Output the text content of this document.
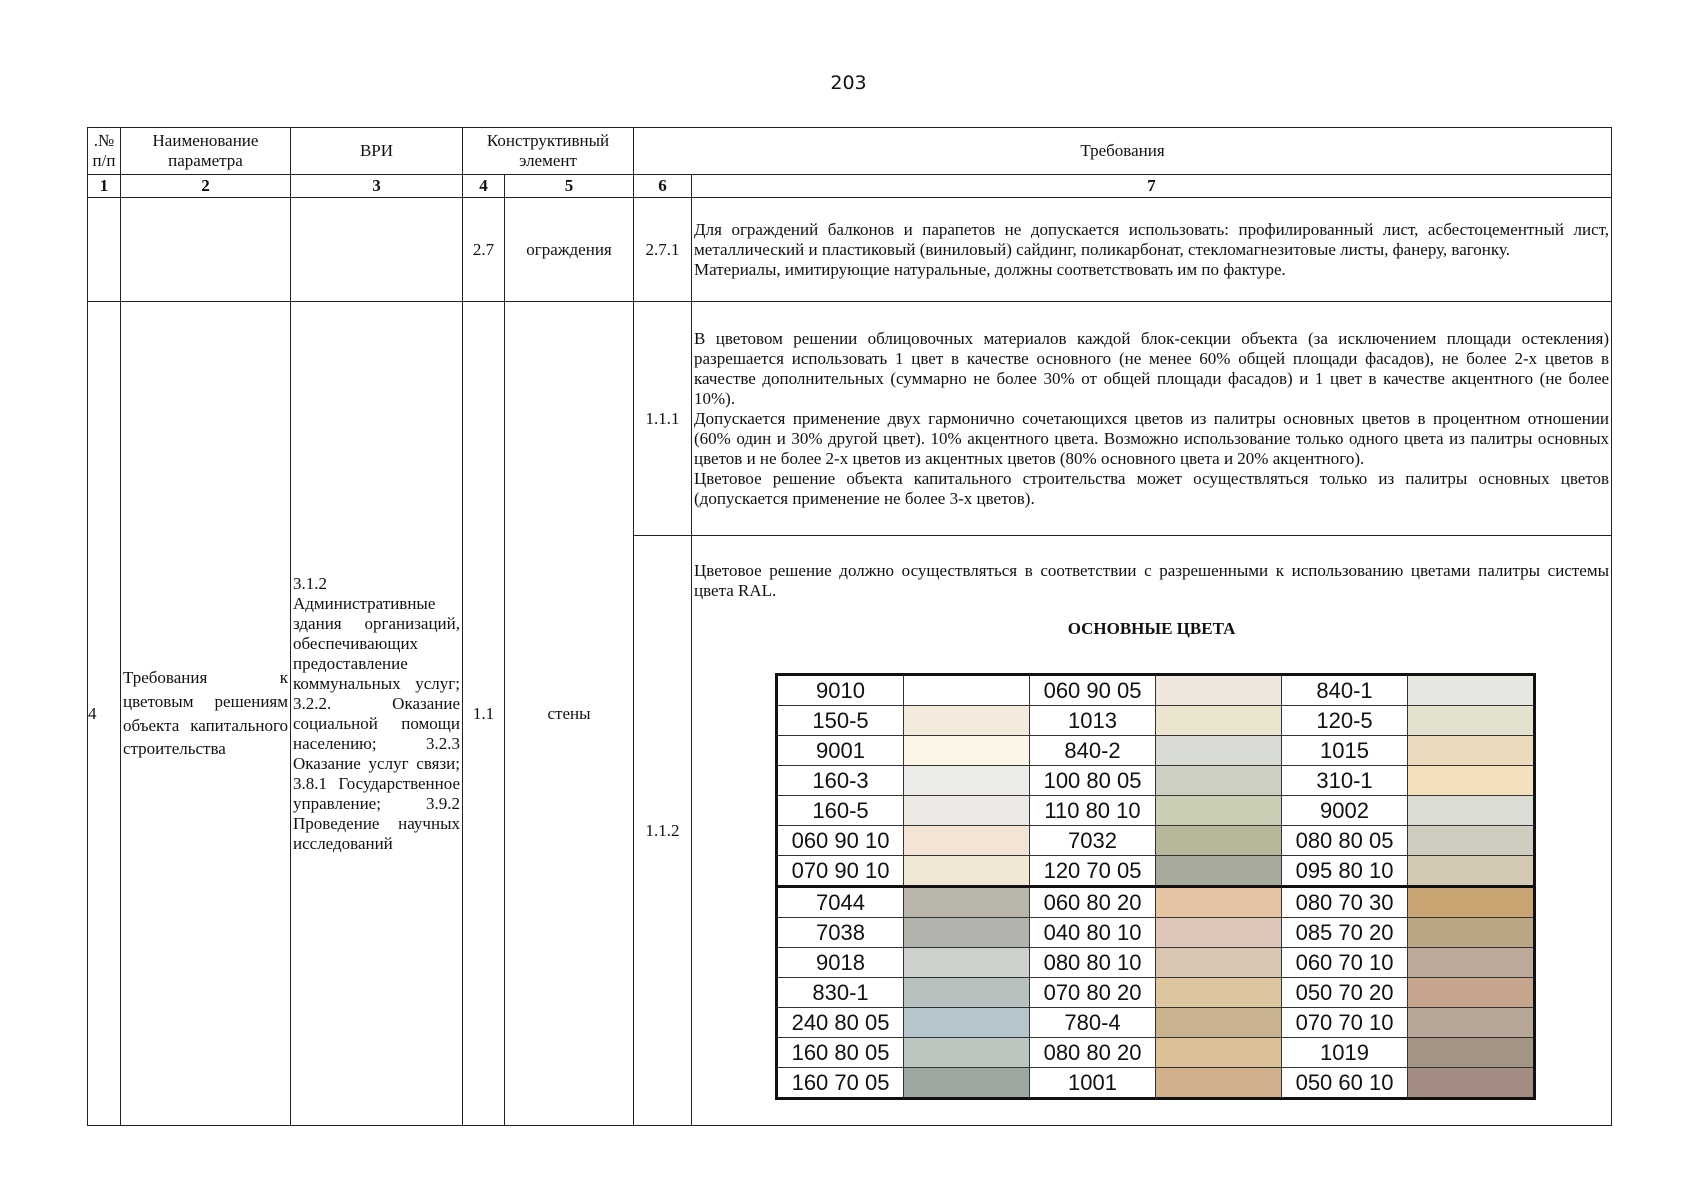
203
.№ п/п	Наименование параметра	ВРИ	Конструктивный элемент	Требования
1	2	3	4	5	6	7
			2.7	ограждения	2.7.1	
Для ограждений балконов и парапетов не допускается использовать: профилированный лист, асбестоцементный лист, металлический и пластиковый (виниловый) сайдинг, поликарбонат, стекломагнезитовые листы, фанеру, вагонку.
Материалы, имитирующие натуральные, должны соответствовать им по фактуре.

4	Требования к цветовым решениям объекта капитального строительства	3.1.2 Административные здания организаций, обеспечивающих предоставление коммунальных услуг; 3.2.2. Оказание социальной помощи населению; 3.2.3 Оказание услуг связи; 3.8.1 Государственное управление; 3.9.2 Проведение научных исследований	1.1	стены	1.1.1	
В цветовом решении облицовочных материалов каждой блок-секции объекта (за исключением площади остекления) разрешается использовать 1 цвет в качестве основного (не менее 60% общей площади фасадов), не более 2-х цветов в качестве дополнительных (суммарно не более 30% от общей площади фасадов) и 1 цвет в качестве акцентного (не более 10%).
Допускается применение двух гармонично сочетающихся цветов из палитры основных цветов в процентном отношении (60% один и 30% другой цвет). 10% акцентного цвета. Возможно использование только одного цвета из палитры основных цветов и не более 2-х цветов из акцентных цветов (80% основного цвета и 20% акцентного).
Цветовое решение объекта капитального строительства может осуществляться только из палитры основных цветов (допускается применение не более 3-х цветов).

1.1.2	
Цветовое решение должно осуществляться в соответствии с разрешенными к использованию цветами палитры системы цвета RAL.
ОСНОВНЫЕ ЦВЕТА
9010		060 90 05		840-1	
150-5		1013		120-5	
9001		840-2		1015	
160-3		100 80 05		310-1	
160-5		110 80 10		9002	
060 90 10		7032		080 80 05	
070 90 10		120 70 05		095 80 10	
7044		060 80 20		080 70 30	
7038		040 80 10		085 70 20	
9018		080 80 10		060 70 10	
830-1		070 80 20		050 70 20	
240 80 05		780-4		070 70 10	
160 80 05		080 80 20		1019	
160 70 05		1001		050 60 10	
